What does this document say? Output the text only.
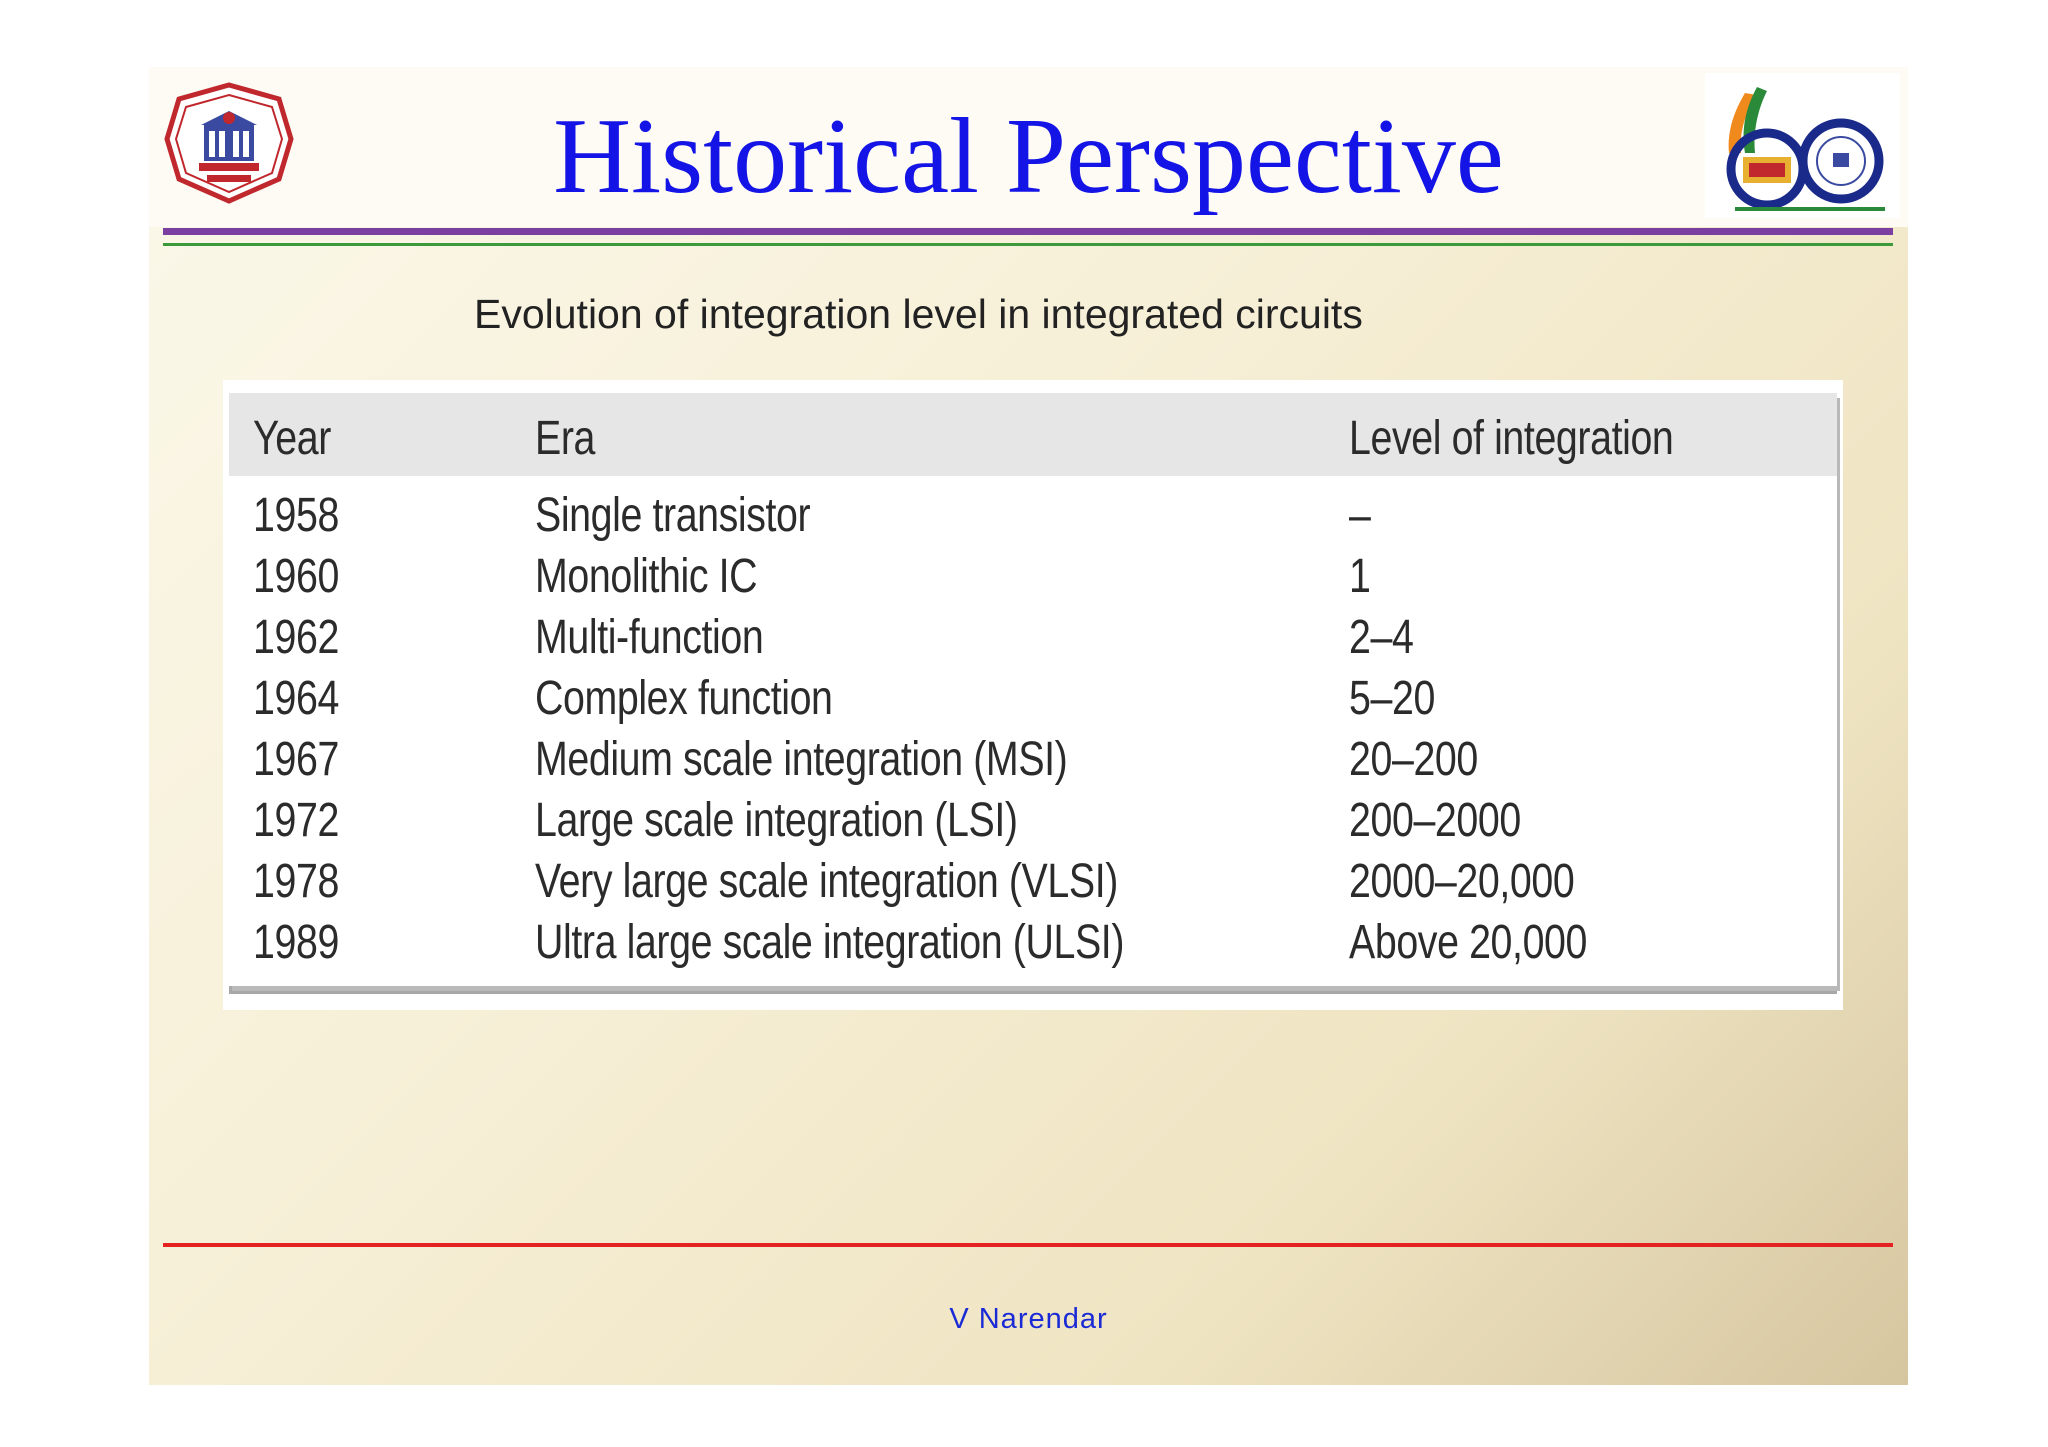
Historical Perspective
Evolution of integration level in integrated circuits
Year	Era	Level of integration
1958	Single transistor	–
1960	Monolithic IC	1
1962	Multi-function	2–4
1964	Complex function	5–20
1967	Medium scale integration (MSI)	20–200
1972	Large scale integration (LSI)	200–2000
1978	Very large scale integration (VLSI)	2000–20,000
1989	Ultra large scale integration (ULSI)	Above 20,000
V Narendar
